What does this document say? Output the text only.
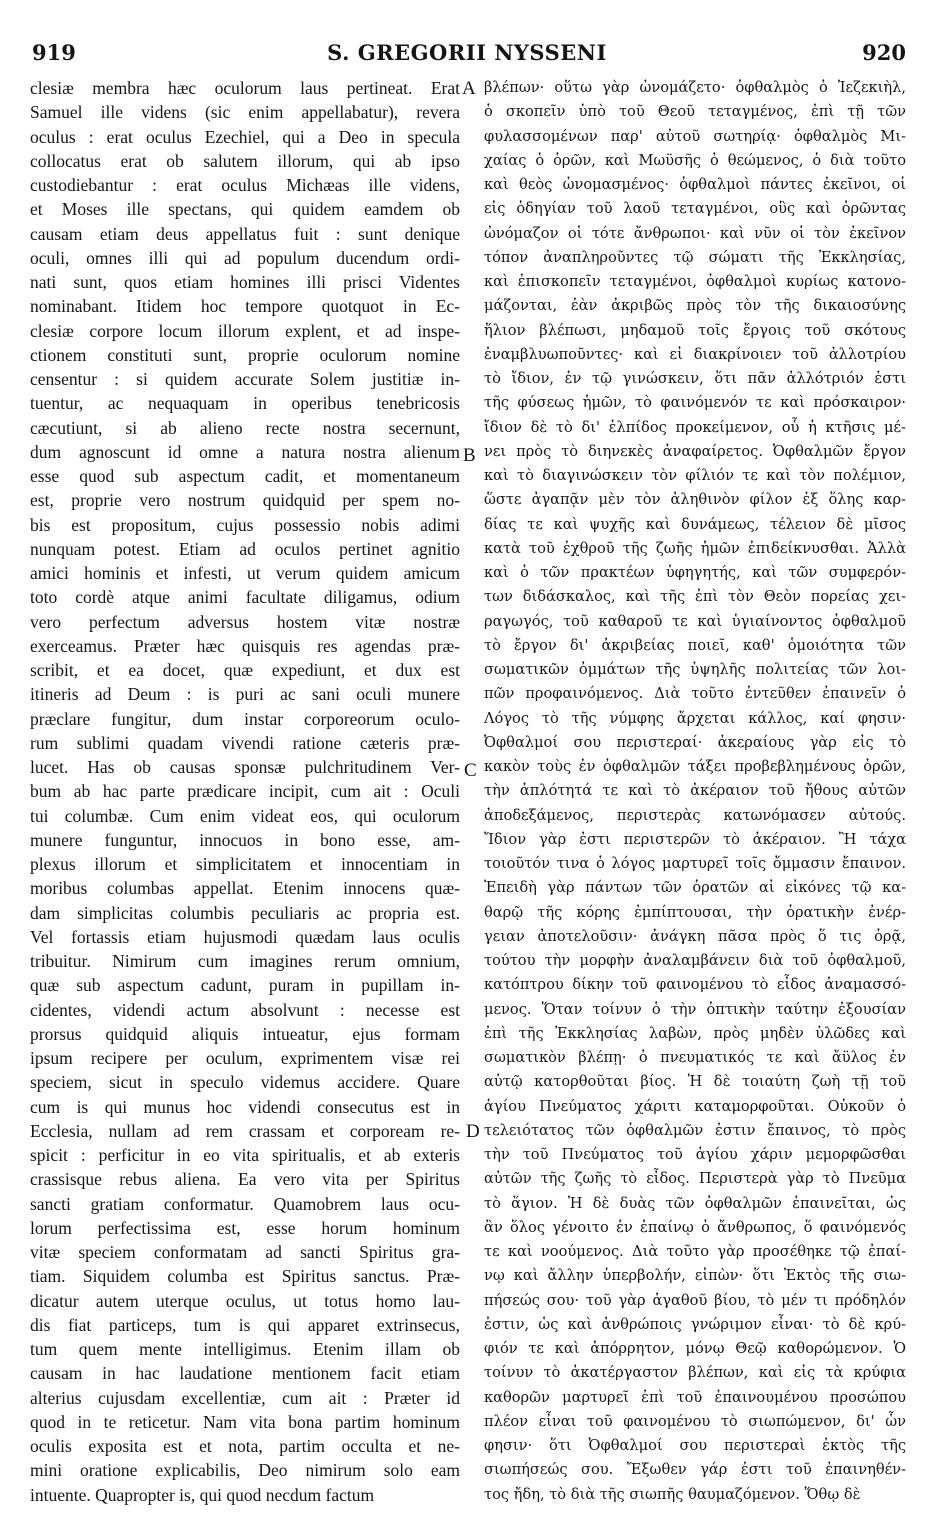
919	S. GREGORII NYSSENI	920
clesiæ membra hæc oculorum laus pertineat. Erat
Samuel ille videns (sic enim appellabatur), revera
oculus : erat oculus Ezechiel, qui a Deo in specula
collocatus erat ob salutem illorum, qui ab ipso
custodiebantur : erat oculus Michæas ille videns,
et Moses ille spectans, qui quidem eamdem ob
causam etiam deus appellatus fuit : sunt denique
oculi, omnes illi qui ad populum ducendum ordi-
nati sunt, quos etiam homines illi prisci Videntes
nominabant. Itidem hoc tempore quotquot in Ec-
clesiæ corpore locum illorum explent, et ad inspe-
ctionem constituti sunt, proprie oculorum nomine
censentur : si quidem accurate Solem justitiæ in-
tuentur, ac nequaquam in operibus tenebricosis
cæcutiunt, si ab alieno recte nostra secernunt,
dum agnoscunt id omne a natura nostra alienum
esse quod sub aspectum cadit, et momentaneum
est, proprie vero nostrum quidquid per spem no-
bis est propositum, cujus possessio nobis adimi
nunquam potest. Etiam ad oculos pertinet agnitio
amici hominis et infesti, ut verum quidem amicum
toto cordè atque animi facultate diligamus, odium
vero perfectum adversus hostem vitæ nostræ
exerceamus. Præter hæc quisquis res agendas præ-
scribit, et ea docet, quæ expediunt, et dux est
itineris ad Deum : is puri ac sani oculi munere
præclare fungitur, dum instar corporeorum oculo-
rum sublimi quadam vivendi ratione cæteris præ-
lucet. Has ob causas sponsæ pulchritudinem Ver-
bum ab hac parte prædicare incipit, cum ait : Oculi
tui columbæ. Cum enim videat eos, qui oculorum
munere funguntur, innocuos in bono esse, am-
plexus illorum et simplicitatem et innocentiam in
moribus columbas appellat. Etenim innocens quæ-
dam simplicitas columbis peculiaris ac propria est.
Vel fortassis etiam hujusmodi quædam laus oculis
tribuitur. Nimirum cum imagines rerum omnium,
quæ sub aspectum cadunt, puram in pupillam in-
cidentes, videndi actum absolvunt : necesse est
prorsus quidquid aliquis intueatur, ejus formam
ipsum recipere per oculum, exprimentem visæ rei
speciem, sicut in speculo videmus accidere. Quare
cum is qui munus hoc videndi consecutus est in
Ecclesia, nullam ad rem crassam et corpoream re-
spicit : perficitur in eo vita spiritualis, et ab exteris
crassisque rebus aliena. Ea vero vita per Spiritus
sancti gratiam conformatur. Quamobrem laus ocu-
lorum perfectissima est, esse horum hominum
vitæ speciem conformatam ad sancti Spiritus gra-
tiam. Siquidem columba est Spiritus sanctus. Præ-
dicatur autem uterque oculus, ut totus homo lau-
dis fiat particeps, tum is qui apparet extrinsecus,
tum quem mente intelligimus. Etenim illam ob
causam in hac laudatione mentionem facit etiam
alterius cujusdam excellentiæ, cum ait : Præter id
quod in te reticetur. Nam vita bona partim hominum
oculis exposita est et nota, partim occulta et ne-
mini oratione explicabilis, Deo nimirum solo eam
intuente. Quapropter is, qui quod necdum factum
βλέπων· οὕτω γὰρ ὠνομάζετο· ὀφθαλμὸς ὁ Ἰεζεκιὴλ,
ὁ σκοπεῖν ὑπὸ τοῦ Θεοῦ τεταγμένος, ἐπὶ τῇ τῶν
φυλασσομένων παρ' αὐτοῦ σωτηρίᾳ· ὀφθαλμὸς Μι-
χαίας ὁ ὁρῶν, καὶ Μωϋσῆς ὁ θεώμενος, ὁ διὰ τοῦτο
καὶ θεὸς ὠνομασμένος· ὀφθαλμοὶ πάντες ἐκεῖνοι, οἱ
εἰς ὁδηγίαν τοῦ λαοῦ τεταγμένοι, οὓς καὶ ὁρῶντας
ὠνόμαζον οἱ τότε ἄνθρωποι· καὶ νῦν οἱ τὸν ἐκεῖνον
τόπον ἀναπληροῦντες τῷ σώματι τῆς Ἐκκλησίας,
καὶ ἐπισκοπεῖν τεταγμένοι, ὀφθαλμοὶ κυρίως κατονο-
μάζονται, ἐὰν ἀκριβῶς πρὸς τὸν τῆς δικαιοσύνης
ἥλιον βλέπωσι, μηδαμοῦ τοῖς ἔργοις τοῦ σκότους
ἐναμβλυωποῦντες· καὶ εἰ διακρίνοιεν τοῦ ἀλλοτρίου
τὸ ἴδιον, ἐν τῷ γινώσκειν, ὅτι πᾶν ἀλλότριόν ἐστι
τῆς φύσεως ἡμῶν, τὸ φαινόμενόν τε καὶ πρόσκαιρον·
ἴδιον δὲ τὸ δι' ἐλπίδος προκείμενον, οὗ ἡ κτῆσις μέ-
νει πρὸς τὸ διηνεκὲς ἀναφαίρετος. Ὀφθαλμῶν ἔργον
καὶ τὸ διαγινώσκειν τὸν φίλιόν τε καὶ τὸν πολέμιον,
ὥστε ἀγαπᾷν μὲν τὸν ἀληθινὸν φίλον ἐξ ὅλης καρ-
δίας τε καὶ ψυχῆς καὶ δυνάμεως, τέλειον δὲ μῖσος
κατὰ τοῦ ἐχθροῦ τῆς ζωῆς ἡμῶν ἐπιδείκνυσθαι. Ἀλλὰ
καὶ ὁ τῶν πρακτέων ὑφηγητής, καὶ τῶν συμφερόν-
των διδάσκαλος, καὶ τῆς ἐπὶ τὸν Θεὸν πορείας χει-
ραγωγός, τοῦ καθαροῦ τε καὶ ὑγιαίνοντος ὀφθαλμοῦ
τὸ ἔργον δι' ἀκριβείας ποιεῖ, καθ' ὁμοιότητα τῶν
σωματικῶν ὀμμάτων τῆς ὑψηλῆς πολιτείας τῶν λοι-
πῶν προφαινόμενος. Διὰ τοῦτο ἐντεῦθεν ἐπαινεῖν ὁ
Λόγος τὸ τῆς νύμφης ἄρχεται κάλλος, καί φησιν·
Ὀφθαλμοί σου περιστεραί· ἀκεραίους γὰρ εἰς τὸ
κακὸν τοὺς ἐν ὀφθαλμῶν τάξει προβεβλημένους ὁρῶν,
τὴν ἁπλότητά τε καὶ τὸ ἀκέραιον τοῦ ἤθους αὐτῶν
ἀποδεξάμενος, περιστερὰς κατωνόμασεν αὐτούς.
Ἴδιον γὰρ ἐστι περιστερῶν τὸ ἀκέραιον. Ἢ τάχα
τοιοῦτόν τινα ὁ λόγος μαρτυρεῖ τοῖς ὄμμασιν ἔπαινον.
Ἐπειδὴ γὰρ πάντων τῶν ὁρατῶν αἱ εἰκόνες τῷ κα-
θαρῷ τῆς κόρης ἐμπίπτουσαι, τὴν ὁρατικὴν ἐνέρ-
γειαν ἀποτελοῦσιν· ἀνάγκη πᾶσα πρὸς ὅ τις ὁρᾷ,
τούτου τὴν μορφὴν ἀναλαμβάνειν διὰ τοῦ ὀφθαλμοῦ,
κατόπτρου δίκην τοῦ φαινομένου τὸ εἶδος ἀναμασσό-
μενος. Ὅταν τοίνυν ὁ τὴν ὀπτικὴν ταύτην ἐξουσίαν
ἐπὶ τῆς Ἐκκλησίας λαβὼν, πρὸς μηδὲν ὑλῶδες καὶ
σωματικὸν βλέπῃ· ὁ πνευματικός τε καὶ ἄϋλος ἐν
αὐτῷ κατορθοῦται βίος. Ἡ δὲ τοιαύτη ζωὴ τῇ τοῦ
ἁγίου Πνεύματος χάριτι καταμορφοῦται. Οὐκοῦν ὁ
τελειότατος τῶν ὀφθαλμῶν ἐστιν ἔπαινος, τὸ πρὸς
τὴν τοῦ Πνεύματος τοῦ ἁγίου χάριν μεμορφῶσθαι
αὐτῶν τῆς ζωῆς τὸ εἶδος. Περιστερὰ γὰρ τὸ Πνεῦμα
τὸ ἅγιον. Ἡ δὲ δυὰς τῶν ὀφθαλμῶν ἐπαινεῖται, ὡς
ἂν ὅλος γένοιτο ἐν ἐπαίνῳ ὁ ἄνθρωπος, ὅ φαινόμενός
τε καὶ νοούμενος. Διὰ τοῦτο γὰρ προσέθηκε τῷ ἐπαί-
νῳ καὶ ἄλλην ὑπερβολήν, εἰπὼν· ὅτι Ἐκτὸς τῆς σιω-
πήσεώς σου· τοῦ γὰρ ἀγαθοῦ βίου, τὸ μέν τι πρόδηλόν
ἐστιν, ὡς καὶ ἀνθρώποις γνώριμον εἶναι· τὸ δὲ κρύ-
φιόν τε καὶ ἀπόρρητον, μόνῳ Θεῷ καθορώμενον. Ὁ
τοίνυν τὸ ἀκατέργαστον βλέπων, καὶ εἰς τὰ κρύφια
καθορῶν μαρτυρεῖ ἐπὶ τοῦ ἐπαινουμένου προσώπου
πλέον εἶναι τοῦ φαινομένου τὸ σιωπώμενον, δι' ὧν
φησιν· ὅτι Ὀφθαλμοί σου περιστεραὶ ἐκτὸς τῆς
σιωπήσεώς σου. Ἔξωθεν γάρ ἐστι τοῦ ἐπαινηθέν-
τος ἤδη, τὸ διὰ τῆς σιωπῆς θαυμαζόμενον. Ὅθῳ δὲ
A
B
C
D
